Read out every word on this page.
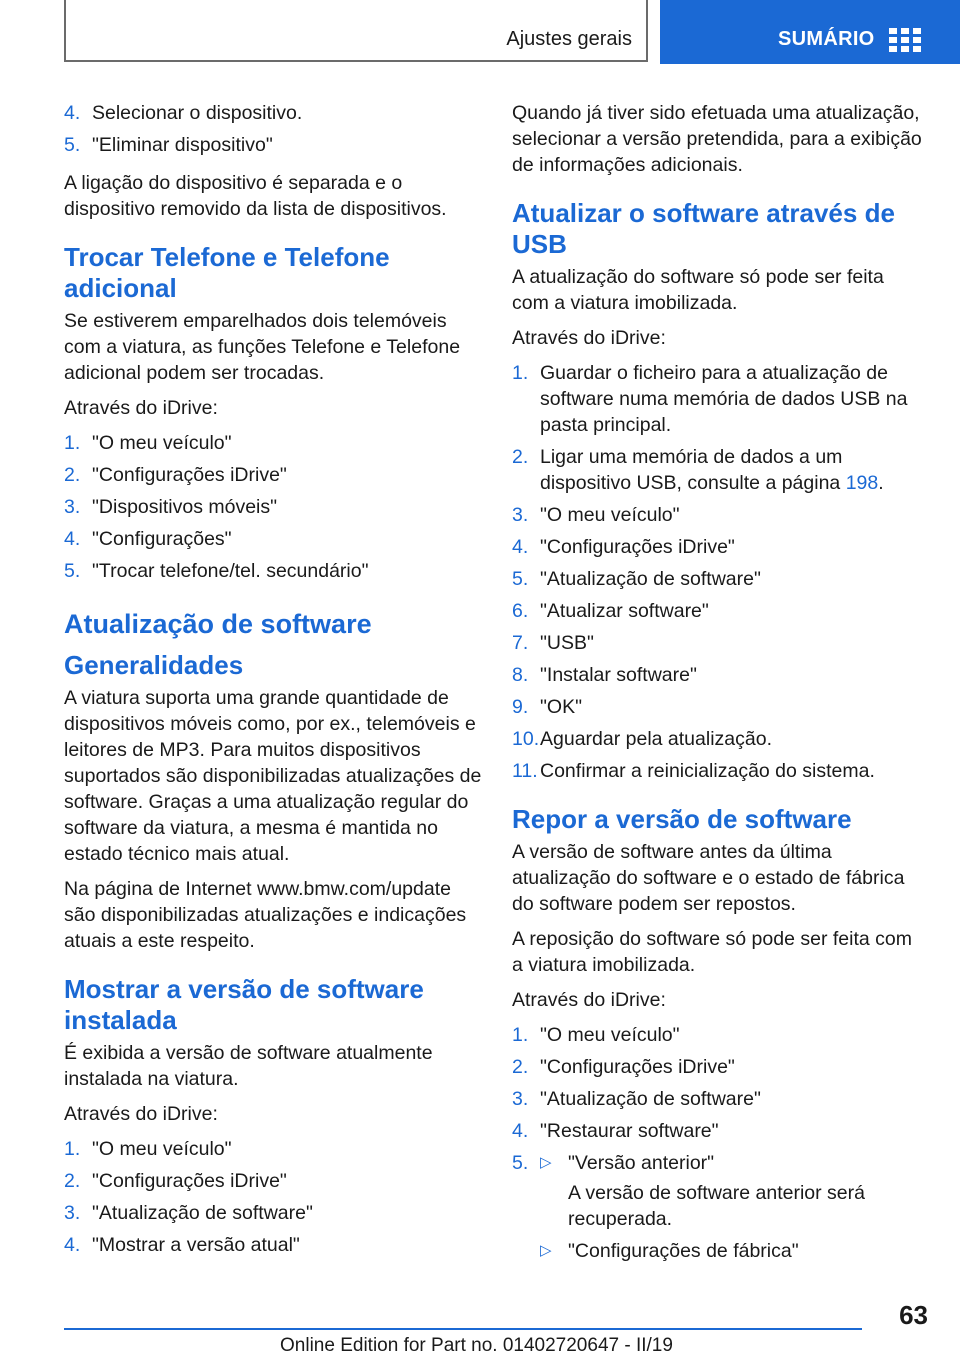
Ajustes gerais	SUMÁRIO
4. Selecionar o dispositivo.
5. "Eliminar dispositivo"

A ligação do dispositivo é separada e o dispositivo removido da lista de dispositivos.

Trocar Telefone e Telefone adicional

Se estiverem emparelhados dois telemóveis com a viatura, as funções Telefone e Telefone adicional podem ser trocadas.

Através do iDrive:

1. "O meu veículo"
2. "Configurações iDrive"
3. "Dispositivos móveis"
4. "Configurações"
5. "Trocar telefone/tel. secundário"
Atualização de software
Generalidades

A viatura suporta uma grande quantidade de dispositivos móveis como, por ex., telemóveis e leitores de MP3. Para muitos dispositivos suportados são disponibilizadas atualizações de software. Graças a uma atualização regular do software da viatura, a mesma é mantida no estado técnico mais atual.

Na página de Internet www.bmw.com/update são disponibilizadas atualizações e indicações atuais a este respeito.

Mostrar a versão de software instalada

É exibida a versão de software atualmente instalada na viatura.

Através do iDrive:

1. "O meu veículo"
2. "Configurações iDrive"
3. "Atualização de software"
4. "Mostrar a versão atual"

Quando já tiver sido efetuada uma atualização, selecionar a versão pretendida, para a exibição de informações adicionais.

Atualizar o software através de USB

A atualização do software só pode ser feita com a viatura imobilizada.

Através do iDrive:

1. Guardar o ficheiro para a atualização de software numa memória de dados USB na pasta principal.
2. Ligar uma memória de dados a um dispositivo USB, consulte a página 198.
3. "O meu veículo"
4. "Configurações iDrive"
5. "Atualização de software"
6. "Atualizar software"
7. "USB"
8. "Instalar software"
9. "OK"
10. Aguardar pela atualização.
11. Confirmar a reinicialização do sistema.
Repor a versão de software

A versão de software antes da última atualização do software e o estado de fábrica do software podem ser repostos.

A reposição do software só pode ser feita com a viatura imobilizada.

Através do iDrive:

1. "O meu veículo"
2. "Configurações iDrive"
3. "Atualização de software"
4. "Restaurar software"
5. ▷ "Versão anterior"
A versão de software anterior será recuperada.
▷ "Configurações de fábrica"
63
Online Edition for Part no. 01402720647 - II/19
